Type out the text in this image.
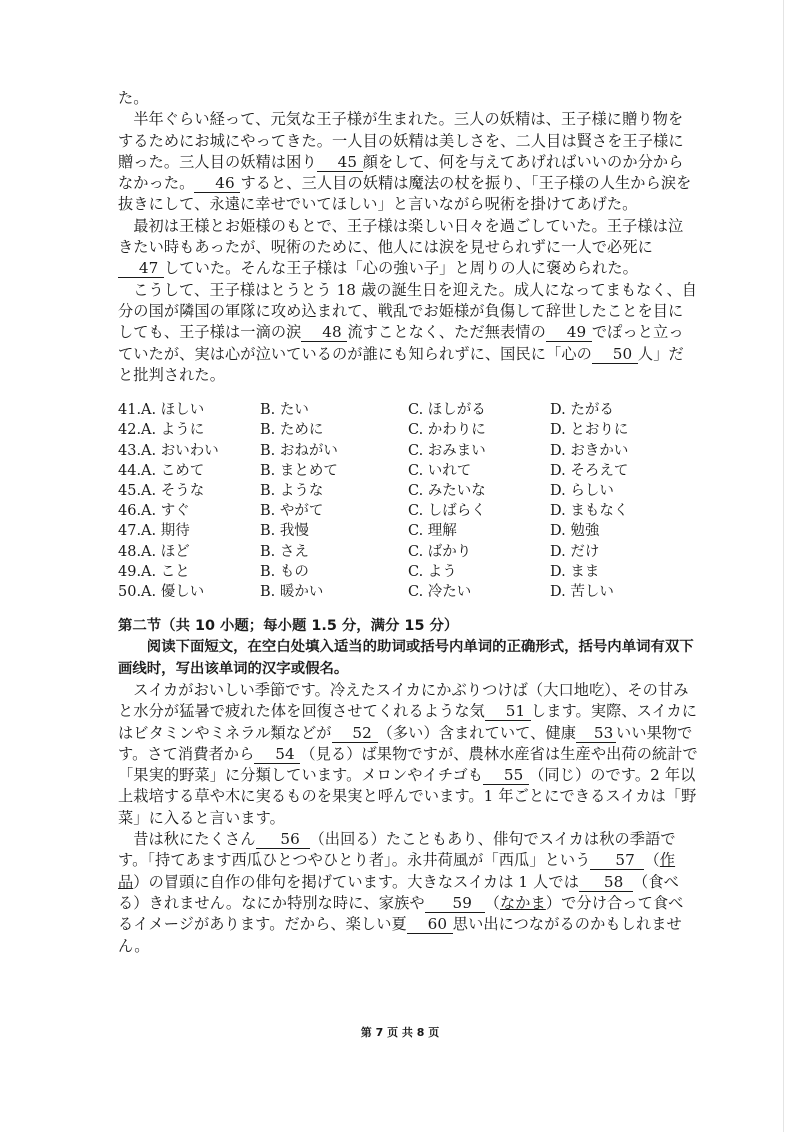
た。

半年ぐらい経って、元気な王子様が生まれた。三人の妖精は、王子様に贈り物をするためにお城にやってきた。一人目の妖精は美しさを、二人目は賢さを王子様に贈った。三人目の妖精は困り 45 顔をして、何を与えてあげればいいのか分からなかった。 46 すると、三人目の妖精は魔法の杖を振り、「王子様の人生から涙を抜きにして、永遠に幸せでいてほしい」と言いながら呪術を掛けてあげた。

最初は王様とお姫様のもとで、王子様は楽しい日々を過ごしていた。王子様は泣きたい時もあったが、呪術のために、他人には涙を見せられずに一人で必死に47 していた。そんな王子様は「心の強い子」と周りの人に褒められた。

こうして、王子様はとうとう 18 歳の誕生日を迎えた。成人になってまもなく、自分の国が隣国の軍隊に攻め込まれて、戦乱でお姫様が負傷して辞世したことを目にしても、王子様は一滴の涙 48 流すことなく、ただ無表情の 49 でぽっと立っていたが、実は心が泣いているのが誰にも知られずに、国民に「心の 50 人」だと批判された。

41.A. ほしい	B. たい	C. ほしがる	D. たがる
42.A. ように	B. ために	C. かわりに	D. とおりに
43.A. おいわい	B. おねがい	C. おみまい	D. おきかい
44.A. こめて	B. まとめて	C. いれて	D. そろえて
45.A. そうな	B. ような	C. みたいな	D. らしい
46.A. すぐ	B. やがて	C. しばらく	D. まもなく
47.A. 期待	B. 我慢	C. 理解	D. 勉強
48.A. ほど	B. さえ	C. ばかり	D. だけ
49.A. こと	B. もの	C. よう	D. まま
50.A. 優しい	B. 暖かい	C. 冷たい	D. 苦しい
第二节（共 10 小题；每小题 1.5 分，满分 15 分）
阅读下面短文，在空白处填入适当的助词或括号内单词的正确形式，括号内单词有双下画线时，写出该单词的汉字或假名。

スイカがおいしい季節です。冷えたスイカにかぶりつけば（大口地吃）、その甘みと水分が猛暑で疲れた体を回復させてくれるような気 51 します。実際、スイカにはビタミンやミネラル類などが 52 （多い）含まれていて、健康 53 いい果物です。さて消費者から 54 （見る）ば果物ですが、農林水産省は生産や出荷の統計で「果実的野菜」に分類しています。メロンやイチゴも 55 （同じ）のです。2 年以上栽培する草や木に実るものを果実と呼んでいます。1 年ごとにできるスイカは「野菜」に入ると言います。

昔は秋にたくさん 56 （出回る）たこともあり、俳句でスイカは秋の季語です。「持てあます西瓜ひとつやひとり者」。永井荷風が「西瓜」という 57 （作品）の冒頭に自作の俳句を掲げています。大きなスイカは 1 人では 58 （食べる）きれません。なにか特別な時に、家族や 59 （なかま）で分け合って食べるイメージがあります。だから、楽しい夏 60 思い出につながるのかもしれません。

第 7 页 共 8 页
